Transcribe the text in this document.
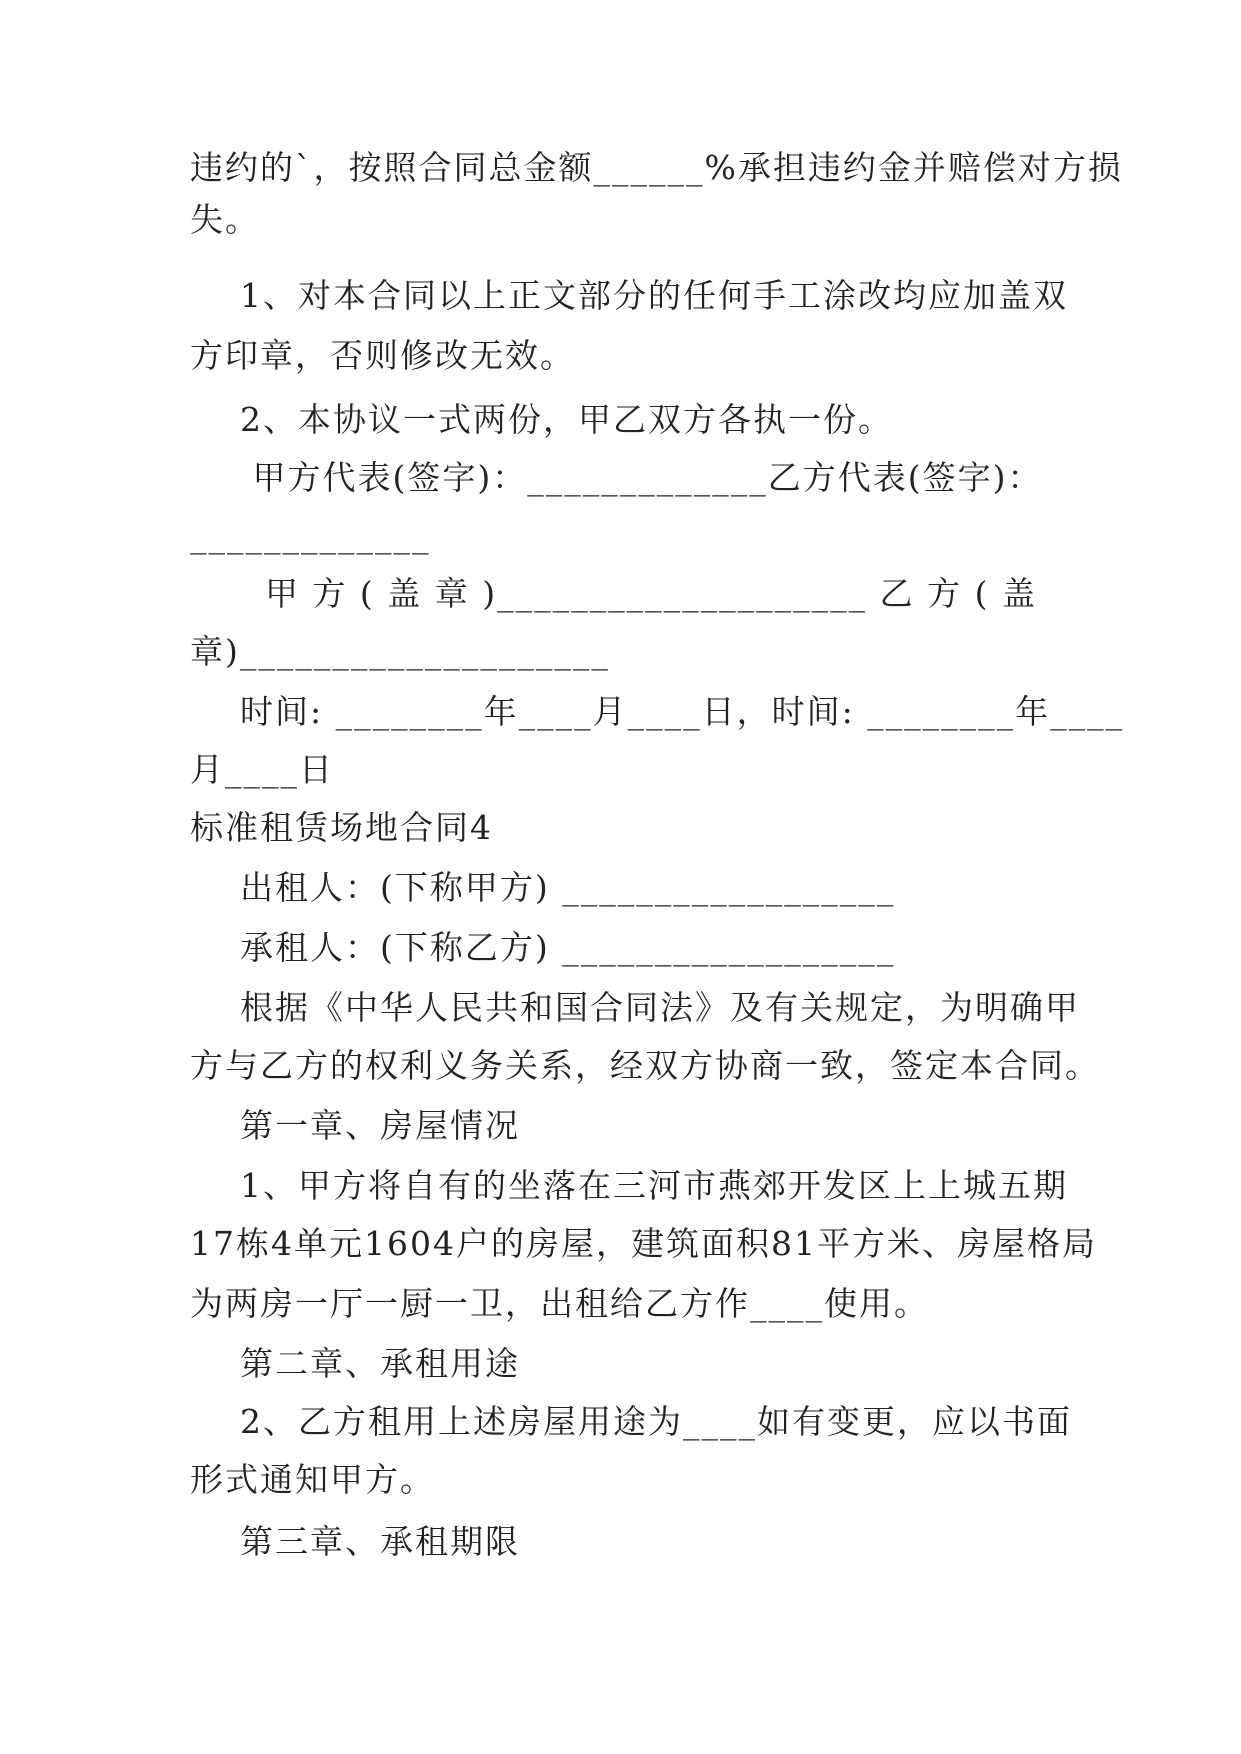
违约的`，按照合同总金额______%承担违约金并赔偿对方损
失。
1、对本合同以上正文部分的任何手工涂改均应加盖双
方印章，否则修改无效。
2、本协议一式两份，甲乙双方各执一份。
甲方代表(签字)：_____________乙方代表(签字)：
_____________
甲 方 ( 盖 章 )____________________ 乙 方 ( 盖
章)____________________
时间: ________年____月____日，时间: ________年____
月____日
标准租赁场地合同4
出租人：(下称甲方) __________________
承租人：(下称乙方) __________________
根据《中华人民共和国合同法》及有关规定，为明确甲
方与乙方的权利义务关系，经双方协商一致，签定本合同。
第一章、房屋情况
1、甲方将自有的坐落在三河市燕郊开发区上上城五期
17栋4单元1604户的房屋，建筑面积81平方米、房屋格局
为两房一厅一厨一卫，出租给乙方作____使用。
第二章、承租用途
2、乙方租用上述房屋用途为____如有变更，应以书面
形式通知甲方。
第三章、承租期限
